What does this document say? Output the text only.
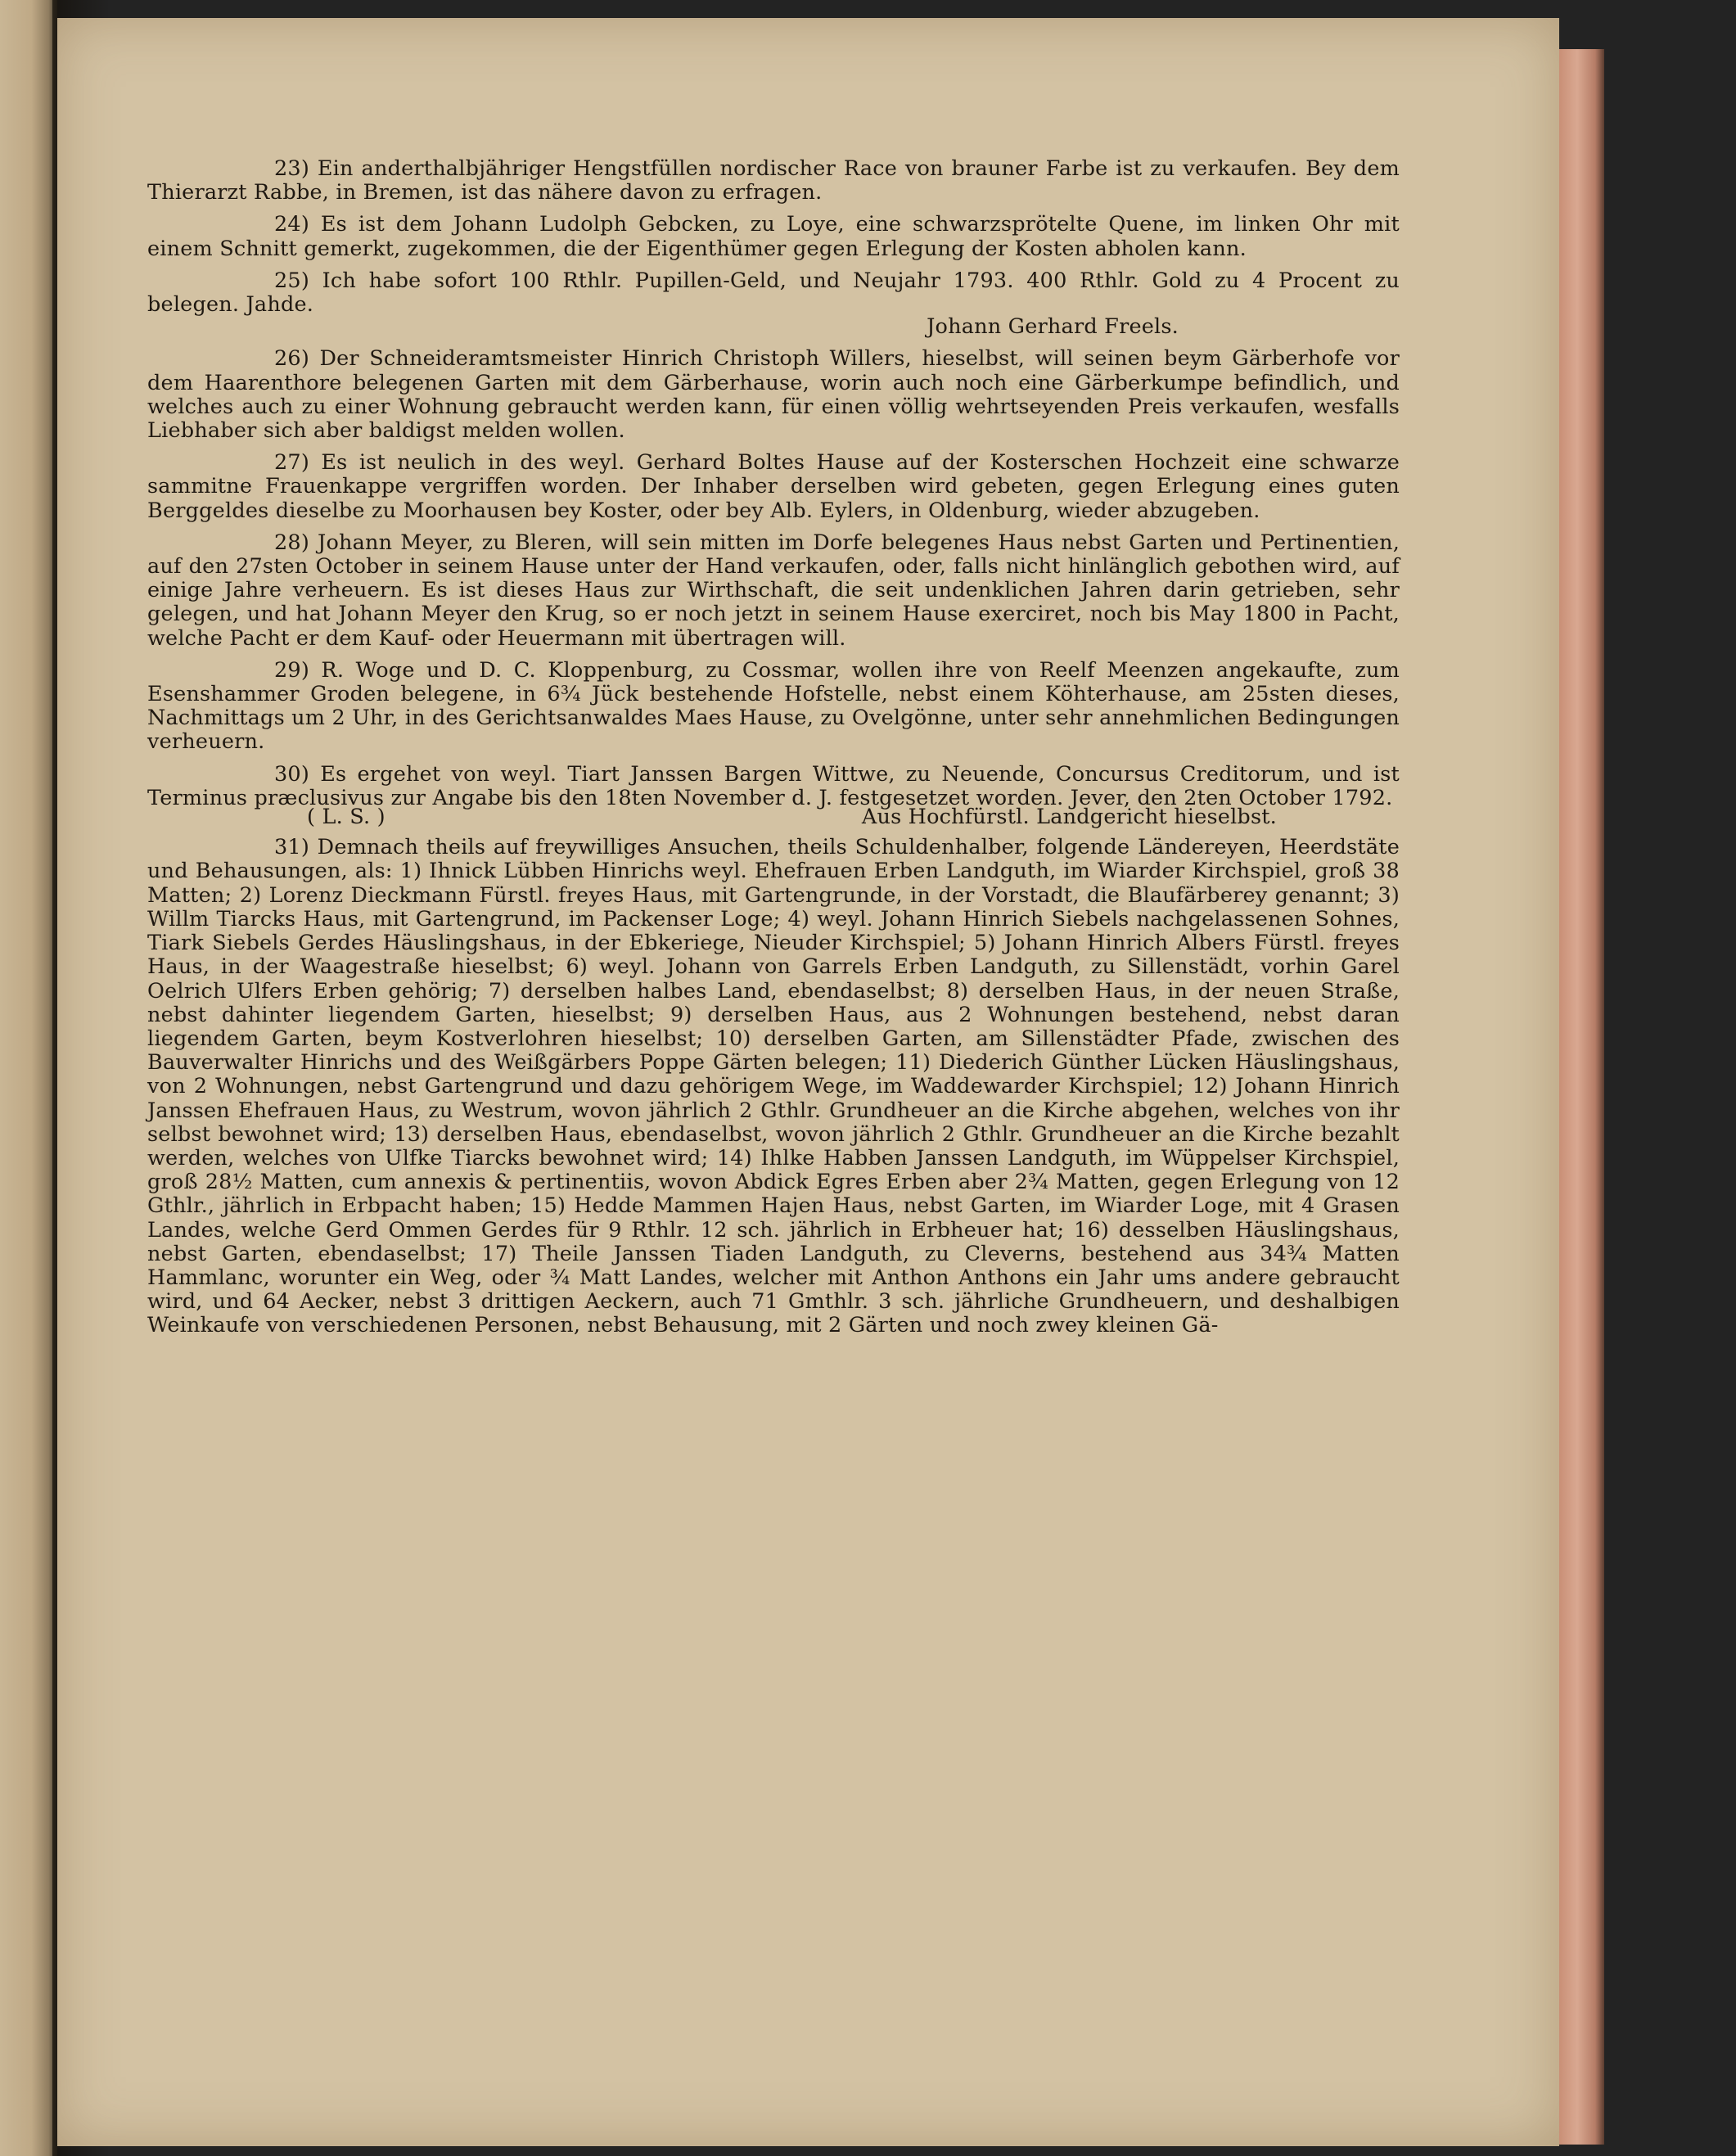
23) Ein anderthalbjähriger Hengstfüllen nordischer Race von brauner Farbe ist zu verkaufen. Bey dem Thierarzt Rabbe, in Bremen, ist das nähere davon zu erfragen.

24) Es ist dem Johann Ludolph Gebcken, zu Loye, eine schwarzsprötelte Quene, im linken Ohr mit einem Schnitt gemerkt, zugekommen, die der Eigenthümer gegen Erlegung der Kosten abholen kann.

25) Ich habe sofort 100 Rthlr. Pupillen-Geld, und Neujahr 1793. 400 Rthlr. Gold zu 4 Procent zu belegen. Jahde.

Johann Gerhard Freels.

26) Der Schneideramtsmeister Hinrich Christoph Willers, hieselbst, will seinen beym Gärberhofe vor dem Haarenthore belegenen Garten mit dem Gärberhause, worin auch noch eine Gärberkumpe befindlich, und welches auch zu einer Wohnung gebraucht werden kann, für einen völlig wehrtseyenden Preis verkaufen, wesfalls Liebhaber sich aber baldigst melden wollen.

27) Es ist neulich in des weyl. Gerhard Boltes Hause auf der Kosterschen Hochzeit eine schwarze sammitne Frauenkappe vergriffen worden. Der Inhaber derselben wird gebeten, gegen Erlegung eines guten Berggeldes dieselbe zu Moorhausen bey Koster, oder bey Alb. Eylers, in Oldenburg, wieder abzugeben.

28) Johann Meyer, zu Bleren, will sein mitten im Dorfe belegenes Haus nebst Garten und Pertinentien, auf den 27sten October in seinem Hause unter der Hand verkaufen, oder, falls nicht hinlänglich gebothen wird, auf einige Jahre verheuern. Es ist dieses Haus zur Wirthschaft, die seit undenklichen Jahren darin getrieben, sehr gelegen, und hat Johann Meyer den Krug, so er noch jetzt in seinem Hause exerciret, noch bis May 1800 in Pacht, welche Pacht er dem Kauf- oder Heuermann mit übertragen will.

29) R. Woge und D. C. Kloppenburg, zu Cossmar, wollen ihre von Reelf Meenzen angekaufte, zum Esenshammer Groden belegene, in 6¾ Jück bestehende Hofstelle, nebst einem Köhterhause, am 25sten dieses, Nachmittags um 2 Uhr, in des Gerichtsanwaldes Maes Hause, zu Ovelgönne, unter sehr annehmlichen Bedingungen verheuern.

30) Es ergehet von weyl. Tiart Janssen Bargen Wittwe, zu Neuende, Concursus Creditorum, und ist Terminus præclusivus zur Angabe bis den 18ten November d. J. festgesetzet worden. Jever, den 2ten October 1792.

( L. S. )	Aus Hochfürstl. Landgericht hieselbst.

31) Demnach theils auf freywilliges Ansuchen, theils Schuldenhalber, folgende Ländereyen, Heerdstäte und Behausungen, als: 1) Ihnick Lübben Hinrichs weyl. Ehefrauen Erben Landguth, im Wiarder Kirchspiel, groß 38 Matten; 2) Lorenz Dieckmann Fürstl. freyes Haus, mit Gartengrunde, in der Vorstadt, die Blaufärberey genannt; 3) Willm Tiarcks Haus, mit Gartengrund, im Packenser Loge; 4) weyl. Johann Hinrich Siebels nachgelassenen Sohnes, Tiark Siebels Gerdes Häuslingshaus, in der Ebkeriege, Nieuder Kirchspiel; 5) Johann Hinrich Albers Fürstl. freyes Haus, in der Waagestraße hieselbst; 6) weyl. Johann von Garrels Erben Landguth, zu Sillenstädt, vorhin Garel Oelrich Ulfers Erben gehörig; 7) derselben halbes Land, ebendaselbst; 8) derselben Haus, in der neuen Straße, nebst dahinter liegendem Garten, hieselbst; 9) derselben Haus, aus 2 Wohnungen bestehend, nebst daran liegendem Garten, beym Kostverlohren hieselbst; 10) derselben Garten, am Sillenstädter Pfade, zwischen des Bauverwalter Hinrichs und des Weißgärbers Poppe Gärten belegen; 11) Diederich Günther Lücken Häuslingshaus, von 2 Wohnungen, nebst Gartengrund und dazu gehörigem Wege, im Waddewarder Kirchspiel; 12) Johann Hinrich Janssen Ehefrauen Haus, zu Westrum, wovon jährlich 2 Gthlr. Grundheuer an die Kirche abgehen, welches von ihr selbst bewohnet wird; 13) derselben Haus, ebendaselbst, wovon jährlich 2 Gthlr. Grundheuer an die Kirche bezahlt werden, welches von Ulfke Tiarcks bewohnet wird; 14) Ihlke Habben Janssen Landguth, im Wüppelser Kirchspiel, groß 28½ Matten, cum annexis & pertinentiis, wovon Abdick Egres Erben aber 2¾ Matten, gegen Erlegung von 12 Gthlr., jährlich in Erbpacht haben; 15) Hedde Mammen Hajen Haus, nebst Garten, im Wiarder Loge, mit 4 Grasen Landes, welche Gerd Ommen Gerdes für 9 Rthlr. 12 sch. jährlich in Erbheuer hat; 16) desselben Häuslingshaus, nebst Garten, ebendaselbst; 17) Theile Janssen Tiaden Landguth, zu Cleverns, bestehend aus 34¾ Matten Hammlanc, worunter ein Weg, oder ¾ Matt Landes, welcher mit Anthon Anthons ein Jahr ums andere gebraucht wird, und 64 Aecker, nebst 3 drittigen Aeckern, auch 71 Gmthlr. 3 sch. jährliche Grundheuern, und deshalbigen Weinkaufe von verschiedenen Personen, nebst Behausung, mit 2 Gärten und noch zwey kleinen Gä-
